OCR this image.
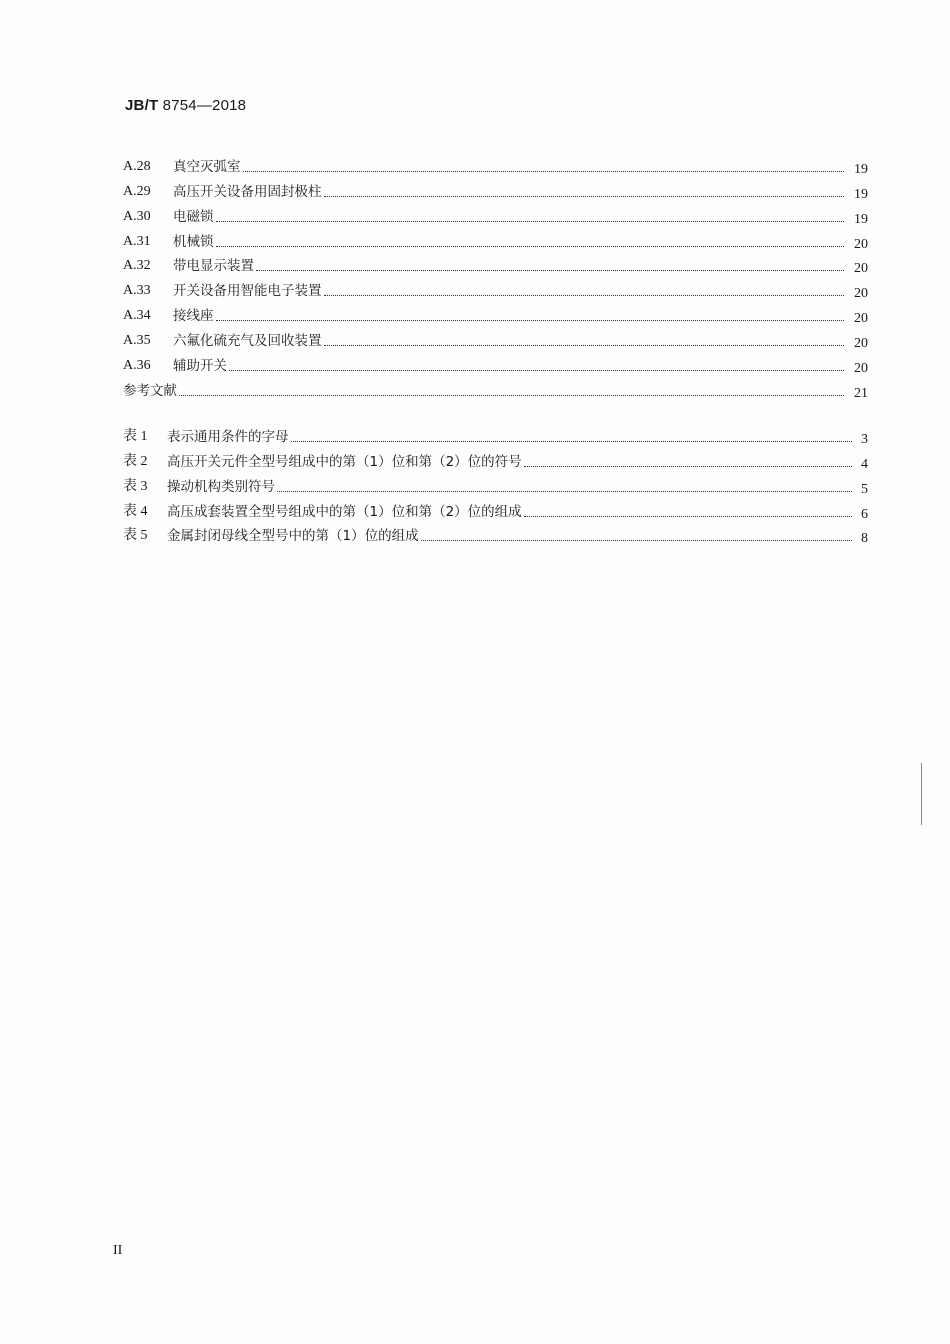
JB/T 8754—2018
A.28	真空灭弧室	19
A.29	高压开关设备用固封极柱	19
A.30	电磁锁	19
A.31	机械锁	20
A.32	带电显示装置	20
A.33	开关设备用智能电子装置	20
A.34	接线座	20
A.35	六氟化硫充气及回收装置	20
A.36	辅助开关	20
参考文献	21
表 1	表示通用条件的字母	3
表 2	高压开关元件全型号组成中的第（1）位和第（2）位的符号	4
表 3	操动机构类别符号	5
表 4	高压成套装置全型号组成中的第（1）位和第（2）位的组成	6
表 5	金属封闭母线全型号中的第（1）位的组成	8
II
